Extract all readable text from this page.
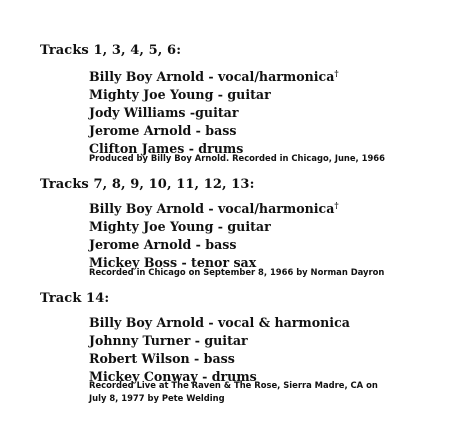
Tracks 1, 3, 4, 5, 6:
Billy Boy Arnold - vocal/harmonica†
Mighty Joe Young - guitar
Jody Williams -guitar
Jerome Arnold - bass
Clifton James - drums
Produced by Billy Boy Arnold. Recorded in Chicago, June, 1966
Tracks 7, 8, 9, 10, 11, 12, 13:
Billy Boy Arnold - vocal/harmonica†
Mighty Joe Young - guitar
Jerome Arnold - bass
Mickey Boss - tenor sax
Recorded in Chicago on September 8, 1966 by Norman Dayron
Track 14:
Billy Boy Arnold - vocal & harmonica
Johnny Turner - guitar
Robert Wilson - bass
Mickey Conway - drums
Recorded Live at The Raven & The Rose, Sierra Madre, CA on
July 8, 1977 by Pete Welding
